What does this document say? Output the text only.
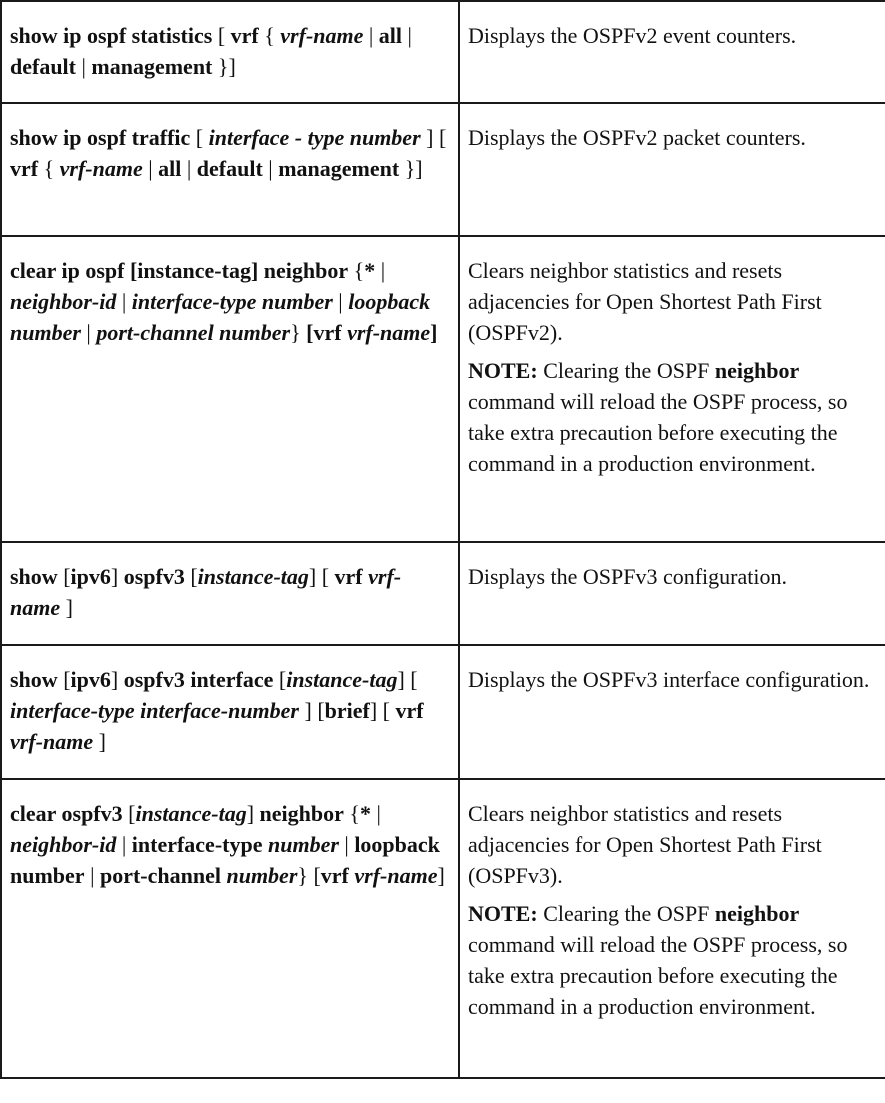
show ip ospf statistics [ vrf { vrf-name | all | default | management }]	Displays the OSPFv2 event counters.

show ip ospf traffic [ interface - type number ] [ vrf { vrf-name | all | default | management }]	Displays the OSPFv2 packet counters.

clear ip ospf [instance-tag] neighbor {* | neighbor-id | interface-type number | loopback number | port-channel number} [vrf vrf-name]	Clears neighbor statistics and resets adjacencies for Open Shortest Path First (OSPFv2).

NOTE: Clearing the OSPF neighbor command will reload the OSPF process, so take extra precaution before executing the command in a production environment.

show [ipv6] ospfv3 [instance-tag] [ vrf vrf-name ]	Displays the OSPFv3 configuration.

show [ipv6] ospfv3 interface [instance-tag] [ interface-type interface-number ] [brief] [ vrf vrf-name ]	Displays the OSPFv3 interface configuration.

clear ospfv3 [instance-tag] neighbor {* | neighbor-id | interface-type number | loopback number | port-channel number} [vrf vrf-name]	Clears neighbor statistics and resets adjacencies for Open Shortest Path First (OSPFv3).

NOTE: Clearing the OSPF neighbor command will reload the OSPF process, so take extra precaution before executing the command in a production environment.
